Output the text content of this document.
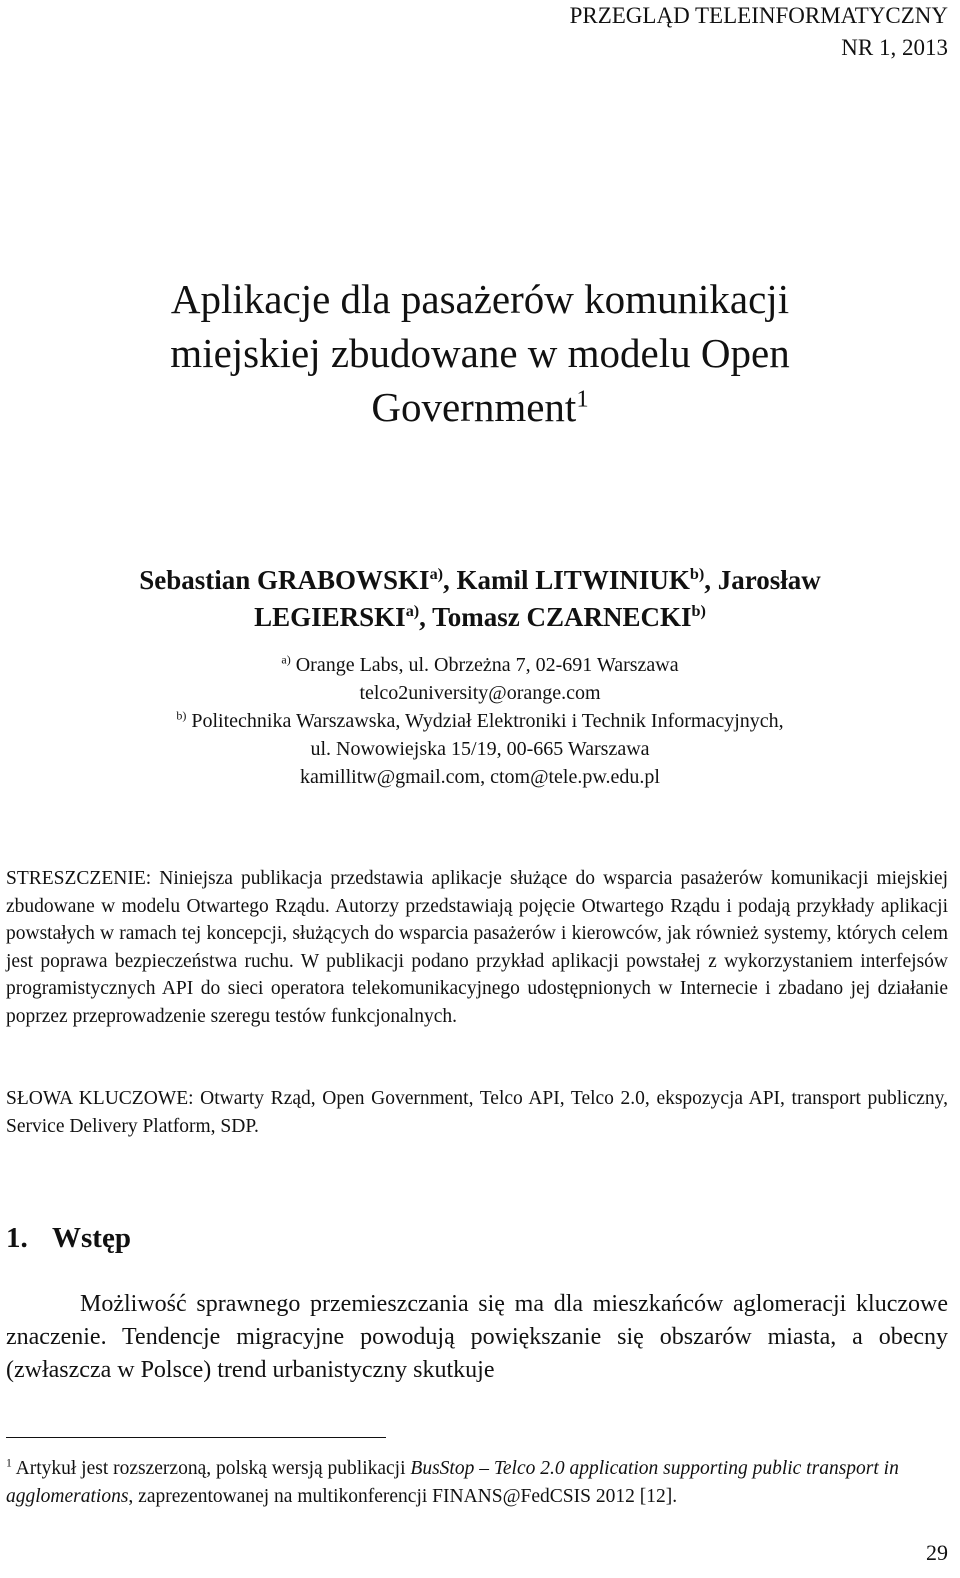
PRZEGLĄD TELEINFORMATYCZNY
NR 1, 2013
Aplikacje dla pasażerów komunikacji
miejskiej zbudowane w modelu Open
Government$^1$
Sebastian GRABOWSKI$^{a)}$, Kamil LITWINIUK$^{b)}$, Jarosław
LEGIERSKI$^{a)}$, Tomasz CZARNECKI$^{b)}$
$^{a)}$ Orange Labs, ul. Obrzeżna 7, 02-691 Warszawa
telco2university@orange.com
$^{b)}$ Politechnika Warszawska, Wydział Elektroniki i Technik Informacyjnych,
ul. Nowowiejska 15/19, 00-665 Warszawa
kamillitw@gmail.com, ctom@tele.pw.edu.pl
STRESZCZENIE: Niniejsza publikacja przedstawia aplikacje służące do wsparcia pasażerów komunikacji miejskiej zbudowane w modelu Otwartego Rządu. Autorzy przedstawiają pojęcie Otwartego Rządu i podają przykłady aplikacji powstałych w ramach tej koncepcji, służących do wsparcia pasażerów i kierowców, jak również systemy, których celem jest poprawa bezpieczeństwa ruchu. W publikacji podano przykład aplikacji powstałej z wykorzystaniem interfejsów programistycznych API do sieci operatora telekomunikacyjnego udostępnionych w Internecie i zbadano jej działanie poprzez przeprowadzenie szeregu testów funkcjonalnych.
SŁOWA KLUCZOWE: Otwarty Rząd, Open Government, Telco API, Telco 2.0, ekspozycja API, transport publiczny, Service Delivery Platform, SDP.
1. Wstęp
Możliwość sprawnego przemieszczania się ma dla mieszkańców aglomeracji kluczowe znaczenie. Tendencje migracyjne powodują powiększanie się obszarów miasta, a obecny (zwłaszcza w Polsce) trend urbanistyczny skutkuje
$^1$ Artykuł jest rozszerzoną, polską wersją publikacji BusStop – Telco 2.0 application supporting public transport in agglomerations, zaprezentowanej na multikonferencji FINANS@FedCSIS 2012 [12].
29
